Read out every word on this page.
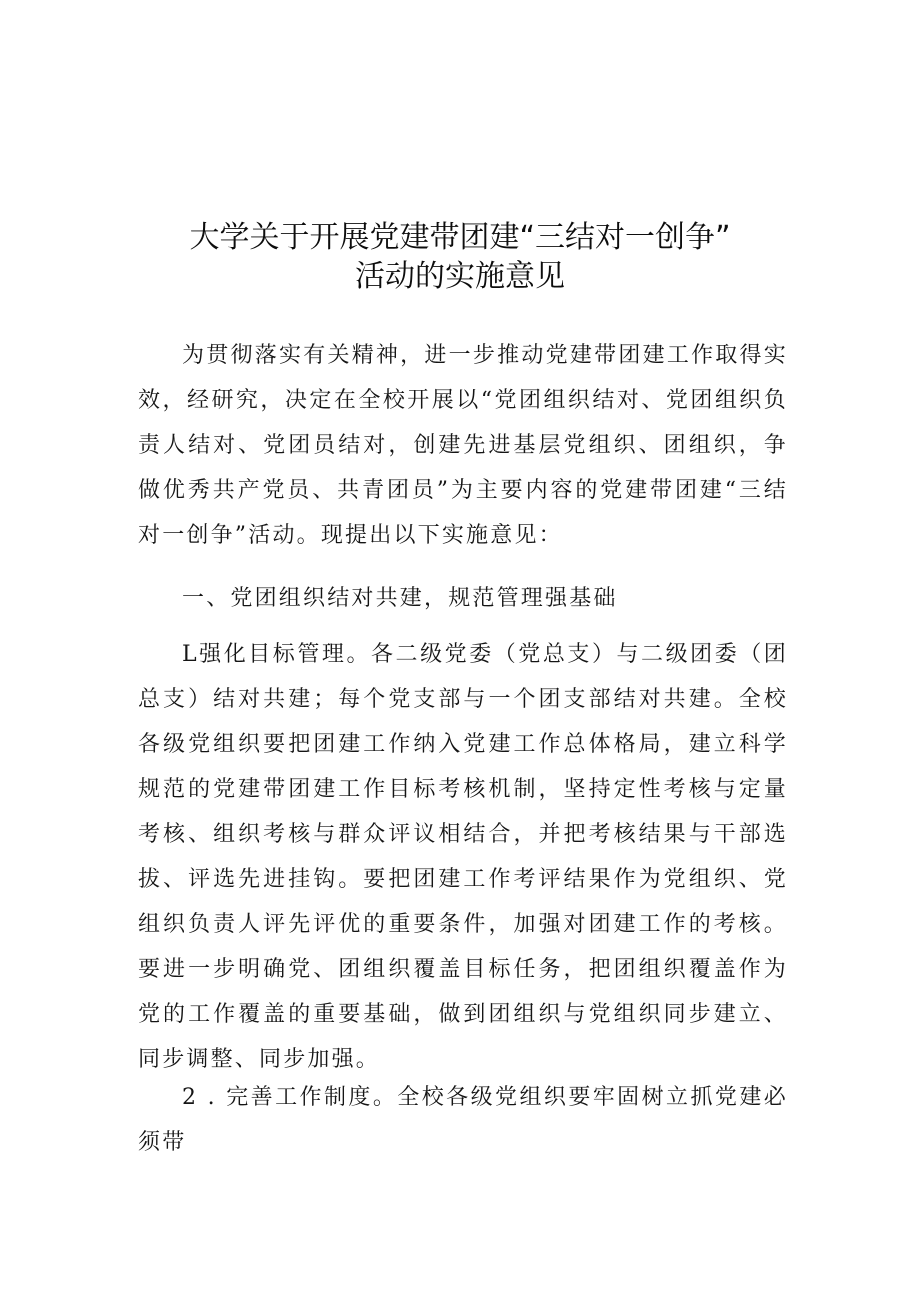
大学关于开展党建带团建“三结对一创争”
活动的实施意见

为贯彻落实有关精神，进一步推动党建带团建工作取得实效，经研究，决定在全校开展以“党团组织结对、党团组织负责人结对、党团员结对，创建先进基层党组织、团组织，争做优秀共产党员、共青团员”为主要内容的党建带团建“三结对一创争”活动。现提出以下实施意见：

一、党团组织结对共建，规范管理强基础

L强化目标管理。各二级党委（党总支）与二级团委（团总支）结对共建；每个党支部与一个团支部结对共建。全校各级党组织要把团建工作纳入党建工作总体格局，建立科学规范的党建带团建工作目标考核机制，坚持定性考核与定量考核、组织考核与群众评议相结合，并把考核结果与干部选拔、评选先进挂钩。要把团建工作考评结果作为党组织、党组织负责人评先评优的重要条件，加强对团建工作的考核。要进一步明确党、团组织覆盖目标任务，把团组织覆盖作为党的工作覆盖的重要基础，做到团组织与党组织同步建立、同步调整、同步加强。

2 . 完善工作制度。全校各级党组织要牢固树立抓党建必须带
